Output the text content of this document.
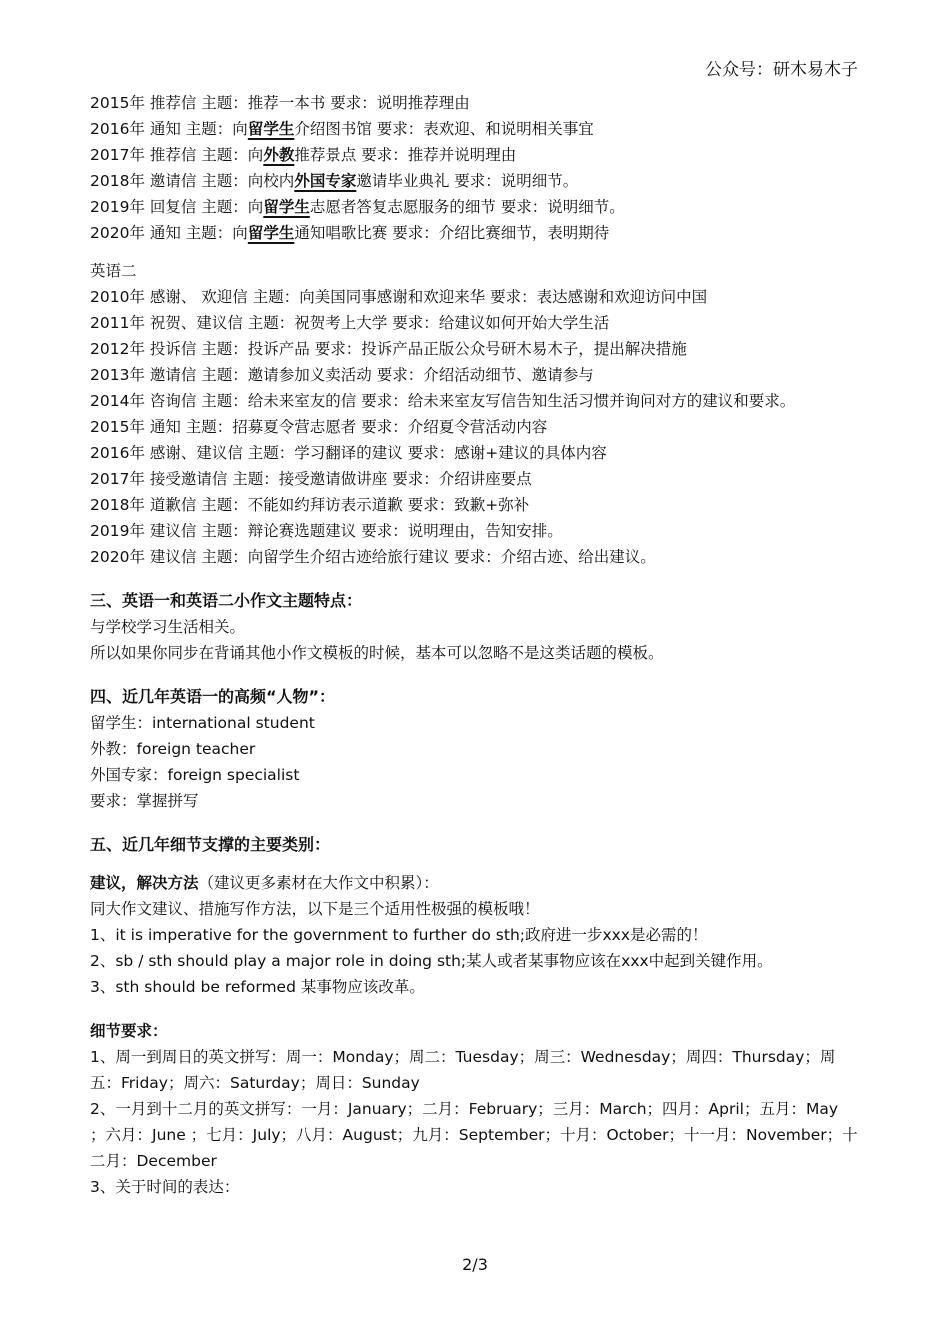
公众号：研木易木子
2015年 推荐信 主题：推荐一本书 要求：说明推荐理由
2016年 通知 主题：向留学生介绍图书馆 要求：表欢迎、和说明相关事宜
2017年 推荐信 主题：向外教推荐景点 要求：推荐并说明理由
2018年 邀请信 主题：向校内外国专家邀请毕业典礼 要求：说明细节。
2019年 回复信 主题：向留学生志愿者答复志愿服务的细节 要求：说明细节。
2020年 通知 主题：向留学生通知唱歌比赛 要求：介绍比赛细节，表明期待
英语二
2010年 感谢、 欢迎信 主题：向美国同事感谢和欢迎来华 要求：表达感谢和欢迎访问中国
2011年 祝贺、建议信 主题：祝贺考上大学 要求：给建议如何开始大学生活
2012年 投诉信 主题：投诉产品 要求：投诉产品正版公众号研木易木子，提出解决措施
2013年 邀请信 主题：邀请参加义卖活动 要求：介绍活动细节、邀请参与
2014年 咨询信 主题：给未来室友的信 要求：给未来室友写信告知生活习惯并询问对方的建议和要求。
2015年 通知 主题：招募夏令营志愿者 要求：介绍夏令营活动内容
2016年 感谢、建议信 主题：学习翻译的建议 要求：感谢+建议的具体内容
2017年 接受邀请信 主题：接受邀请做讲座 要求：介绍讲座要点
2018年 道歉信 主题：不能如约拜访表示道歉 要求：致歉+弥补
2019年 建议信 主题：辩论赛选题建议 要求：说明理由，告知安排。
2020年 建议信 主题：向留学生介绍古迹给旅行建议 要求：介绍古迹、给出建议。
三、英语一和英语二小作文主题特点：
与学校学习生活相关。
所以如果你同步在背诵其他小作文模板的时候，基本可以忽略不是这类话题的模板。
四、近几年英语一的高频“人物”：
留学生：international student
外教：foreign teacher
外国专家：foreign specialist
要求：掌握拼写
五、近几年细节支撑的主要类别：
建议，解决方法（建议更多素材在大作文中积累）：
同大作文建议、措施写作方法，以下是三个适用性极强的模板哦！
1、it is imperative for the government to further do sth;政府进一步xxx是必需的！
2、sb / sth should play a major role in doing sth;某人或者某事物应该在xxx中起到关键作用。
3、sth should be reformed 某事物应该改革。
细节要求：
1、周一到周日的英文拼写：周一：Monday；周二：Tuesday；周三：Wednesday；周四：Thursday；周五：Friday；周六：Saturday；周日：Sunday
2、一月到十二月的英文拼写：一月：January；二月：February；三月：March；四月：April；五月：May ；六月：June ；七月：July；八月：August；九月：September；十月：October；十一月：November；十二月：December
3、关于时间的表达：
2/3
